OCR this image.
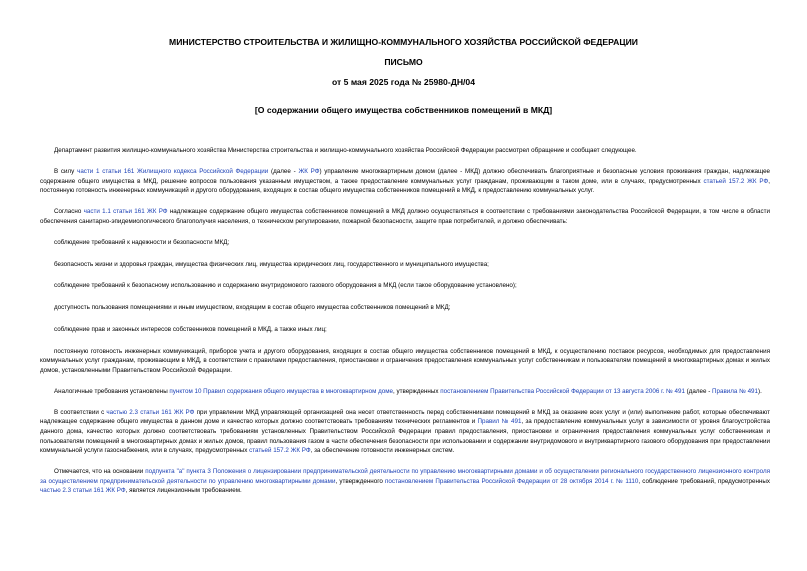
МИНИСТЕРСТВО СТРОИТЕЛЬСТВА И ЖИЛИЩНО-КОММУНАЛЬНОГО ХОЗЯЙСТВА РОССИЙСКОЙ ФЕДЕРАЦИИ
ПИСЬМО
от 5 мая 2025 года № 25980-ДН/04
[О содержании общего имущества собственников помещений в МКД]

Департамент развития жилищно-коммунального хозяйства Министерства строительства и жилищно-коммунального хозяйства Российской Федерации рассмотрел обращение и сообщает следующее.

В силу части 1 статьи 161 Жилищного кодекса Российской Федерации (далее - ЖК РФ) управление многоквартирным домом (далее - МКД) должно обеспечивать благоприятные и безопасные условия проживания граждан, надлежащее содержание общего имущества в МКД, решение вопросов пользования указанным имуществом, а также предоставление коммунальных услуг гражданам, проживающим в таком доме, или в случаях, предусмотренных статьей 157.2 ЖК РФ, постоянную готовность инженерных коммуникаций и другого оборудования, входящих в состав общего имущества собственников помещений в МКД, к предоставлению коммунальных услуг.

Согласно части 1.1 статьи 161 ЖК РФ надлежащее содержание общего имущества собственников помещений в МКД должно осуществляться в соответствии с требованиями законодательства Российской Федерации, в том числе в области обеспечения санитарно-эпидемиологического благополучия населения, о техническом регулировании, пожарной безопасности, защите прав потребителей, и должно обеспечивать:

соблюдение требований к надежности и безопасности МКД;

безопасность жизни и здоровья граждан, имущества физических лиц, имущества юридических лиц, государственного и муниципального имущества;

соблюдение требований к безопасному использованию и содержанию внутридомового газового оборудования в МКД (если такое оборудование установлено);

доступность пользования помещениями и иным имуществом, входящим в состав общего имущества собственников помещений в МКД;

соблюдение прав и законных интересов собственников помещений в МКД, а также иных лиц;

постоянную готовность инженерных коммуникаций, приборов учета и другого оборудования, входящих в состав общего имущества собственников помещений в МКД, к осуществлению поставок ресурсов, необходимых для предоставления коммунальных услуг гражданам, проживающим в МКД, в соответствии с правилами предоставления, приостановки и ограничения предоставления коммунальных услуг собственникам и пользователям помещений в многоквартирных домах и жилых домов, установленными Правительством Российской Федерации.

Аналогичные требования установлены пунктом 10 Правил содержания общего имущества в многоквартирном доме, утвержденных постановлением Правительства Российской Федерации от 13 августа 2006 г. № 491 (далее - Правила № 491).

В соответствии с частью 2.3 статьи 161 ЖК РФ при управлении МКД управляющей организацией она несет ответственность перед собственниками помещений в МКД за оказание всех услуг и (или) выполнение работ, которые обеспечивают надлежащее содержание общего имущества в данном доме и качество которых должно соответствовать требованиям технических регламентов и Правил № 491, за предоставление коммунальных услуг в зависимости от уровня благоустройства данного дома, качество которых должно соответствовать требованиям установленных Правительством Российской Федерации правил предоставления, приостановки и ограничения предоставления коммунальных услуг собственникам и пользователям помещений в многоквартирных домах и жилых домов, правил пользования газом в части обеспечения безопасности при использовании и содержании внутридомового и внутриквартирного газового оборудования при предоставлении коммунальной услуги газоснабжения, или в случаях, предусмотренных статьей 157.2 ЖК РФ, за обеспечение готовности инженерных систем.

Отмечается, что на основании подпункта "а" пункта 3 Положения о лицензировании предпринимательской деятельности по управлению многоквартирными домами и об осуществлении регионального государственного лицензионного контроля за осуществлением предпринимательской деятельности по управлению многоквартирными домами, утвержденного постановлением Правительства Российской Федерации от 28 октября 2014 г. № 1110, соблюдение требований, предусмотренных частью 2.3 статьи 161 ЖК РФ, является лицензионным требованием.
